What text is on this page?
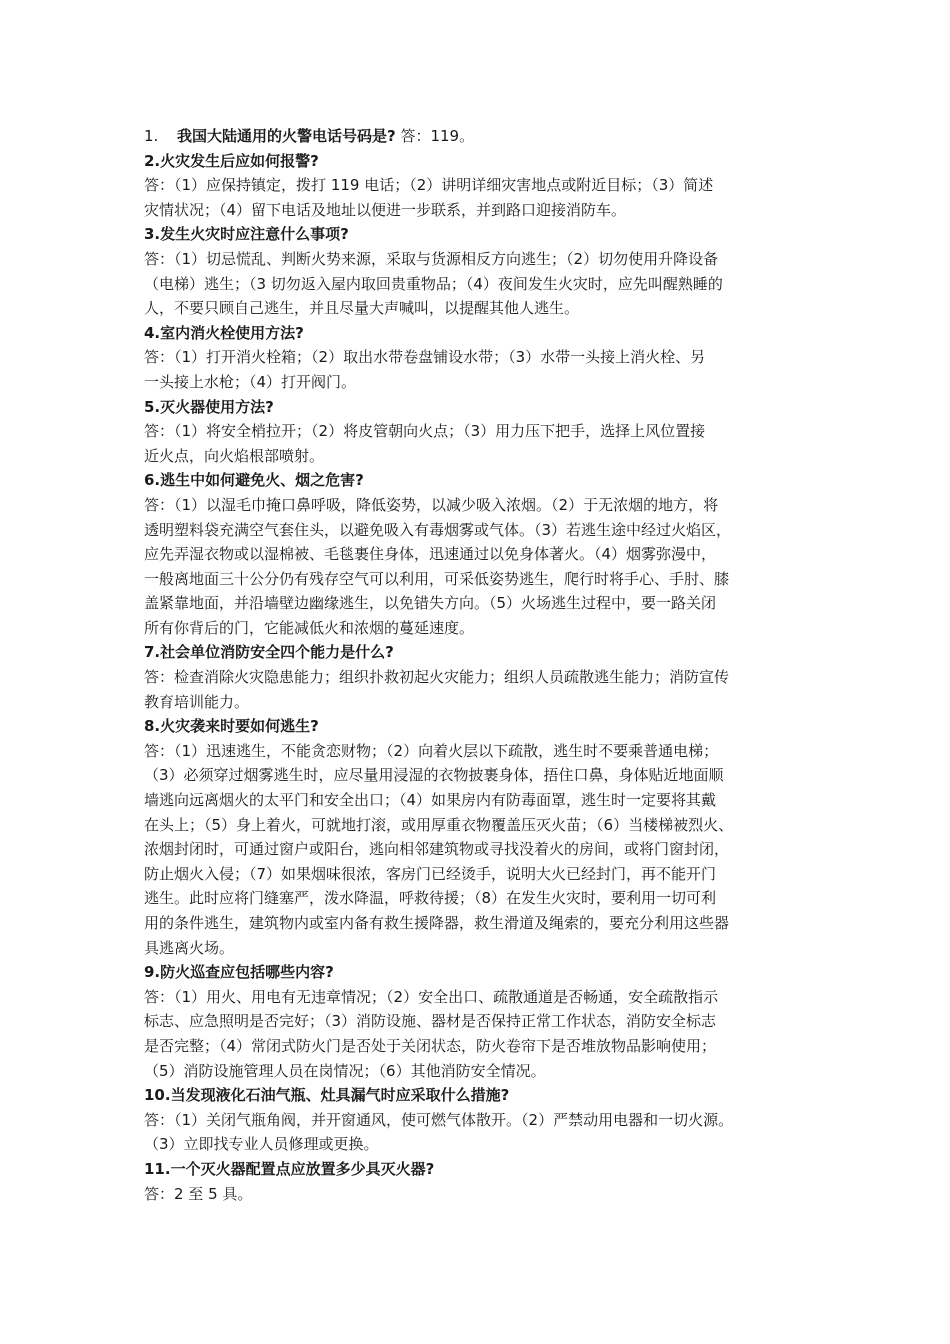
1. 我国大陆通用的火警电话号码是? 答：119。

2.火灾发生后应如何报警?

答：（1）应保持镇定，拨打 119 电话；（2）讲明详细灾害地点或附近目标；（3）简述
灾情状况；（4）留下电话及地址以便进一步联系，并到路口迎接消防车。

3.发生火灾时应注意什么事项?

答：（1）切忌慌乱、判断火势来源，采取与货源相反方向逃生；（2）切勿使用升降设备
（电梯）逃生；（3 切勿返入屋内取回贵重物品；（4）夜间发生火灾时，应先叫醒熟睡的
人，不要只顾自己逃生，并且尽量大声喊叫，以提醒其他人逃生。

4.室内消火栓使用方法?

答：（1）打开消火栓箱；（2）取出水带卷盘铺设水带；（3）水带一头接上消火栓、另
一头接上水枪；（4）打开阀门。

5.灭火器使用方法?

答：（1）将安全梢拉开；（2）将皮管朝向火点；（3）用力压下把手，选择上风位置接
近火点，向火焰根部喷射。

6.逃生中如何避免火、烟之危害?

答：（1）以湿毛巾掩口鼻呼吸，降低姿势，以减少吸入浓烟。（2）于无浓烟的地方，将
透明塑料袋充满空气套住头，以避免吸入有毒烟雾或气体。（3）若逃生途中经过火焰区，
应先弄湿衣物或以湿棉被、毛毯裹住身体，迅速通过以免身体著火。（4）烟雾弥漫中，
一般离地面三十公分仍有残存空气可以利用，可采低姿势逃生，爬行时将手心、手肘、膝
盖紧靠地面，并沿墙壁边幽缘逃生，以免错失方向。（5）火场逃生过程中，要一路关闭
所有你背后的门，它能减低火和浓烟的蔓延速度。

7.社会单位消防安全四个能力是什么?

答：检查消除火灾隐患能力；组织扑救初起火灾能力；组织人员疏散逃生能力；消防宣传
教育培训能力。

8.火灾袭来时要如何逃生?

答：（1）迅速逃生，不能贪恋财物；（2）向着火层以下疏散，逃生时不要乘普通电梯；
（3）必须穿过烟雾逃生时，应尽量用浸湿的衣物披裹身体，捂住口鼻，身体贴近地面顺
墙逃向远离烟火的太平门和安全出口；（4）如果房内有防毒面罩，逃生时一定要将其戴
在头上；（5）身上着火，可就地打滚，或用厚重衣物覆盖压灭火苗；（6）当楼梯被烈火、
浓烟封闭时，可通过窗户或阳台，逃向相邻建筑物或寻找没着火的房间，或将门窗封闭，
防止烟火入侵；（7）如果烟味很浓，客房门已经烫手，说明大火已经封门，再不能开门
逃生。此时应将门缝塞严，泼水降温，呼救待援；（8）在发生火灾时，要利用一切可利
用的条件逃生，建筑物内或室内备有救生援降器，救生滑道及绳索的，要充分利用这些器
具逃离火场。

9.防火巡查应包括哪些内容?

答：（1）用火、用电有无违章情况；（2）安全出口、疏散通道是否畅通，安全疏散指示
标志、应急照明是否完好；（3）消防设施、器材是否保持正常工作状态，消防安全标志
是否完整；（4）常闭式防火门是否处于关闭状态，防火卷帘下是否堆放物品影响使用；
（5）消防设施管理人员在岗情况；（6）其他消防安全情况。

10.当发现液化石油气瓶、灶具漏气时应采取什么措施?

答：（1）关闭气瓶角阀，并开窗通风，使可燃气体散开。（2）严禁动用电器和一切火源。
（3）立即找专业人员修理或更换。

11.一个灭火器配置点应放置多少具灭火器?

答：2 至 5 具。
